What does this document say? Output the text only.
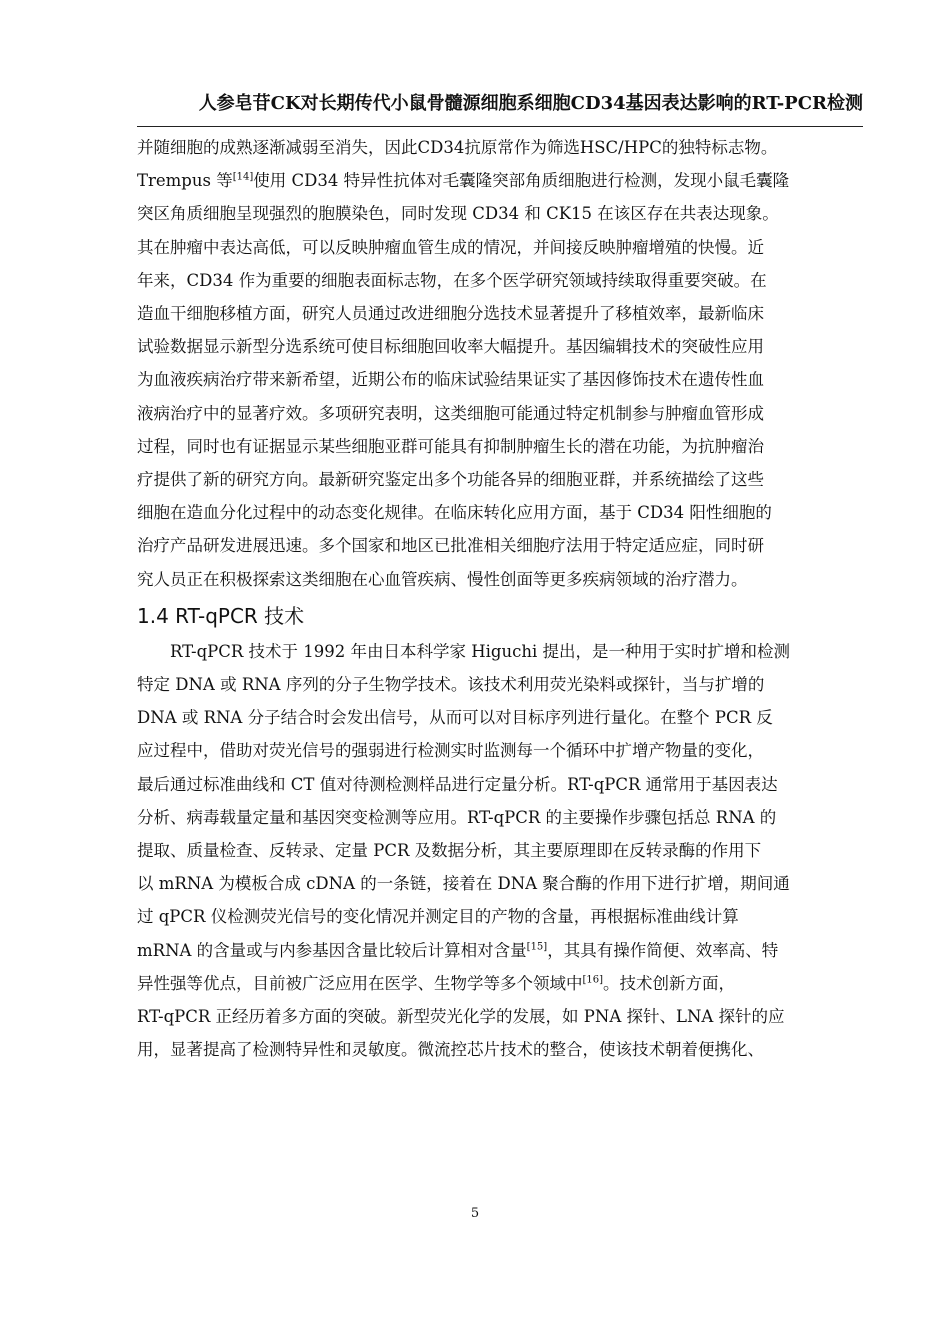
人参皂苷CK对长期传代小鼠骨髓源细胞系细胞CD34基因表达影响的RT-PCR检测

并随细胞的成熟逐渐减弱至消失，因此CD34抗原常作为筛选HSC/HPC的独特标志物。
Trempus 等[14]使用 CD34 特异性抗体对毛囊隆突部角质细胞进行检测，发现小鼠毛囊隆
突区角质细胞呈现强烈的胞膜染色，同时发现 CD34 和 CK15 在该区存在共表达现象。
其在肿瘤中表达高低，可以反映肿瘤血管生成的情况，并间接反映肿瘤增殖的快慢。近
年来，CD34 作为重要的细胞表面标志物，在多个医学研究领域持续取得重要突破。在
造血干细胞移植方面，研究人员通过改进细胞分选技术显著提升了移植效率，最新临床
试验数据显示新型分选系统可使目标细胞回收率大幅提升。基因编辑技术的突破性应用
为血液疾病治疗带来新希望，近期公布的临床试验结果证实了基因修饰技术在遗传性血
液病治疗中的显著疗效。多项研究表明，这类细胞可能通过特定机制参与肿瘤血管形成
过程，同时也有证据显示某些细胞亚群可能具有抑制肿瘤生长的潜在功能，为抗肿瘤治
疗提供了新的研究方向。最新研究鉴定出多个功能各异的细胞亚群，并系统描绘了这些
细胞在造血分化过程中的动态变化规律。在临床转化应用方面，基于 CD34 阳性细胞的
治疗产品研发进展迅速。多个国家和地区已批准相关细胞疗法用于特定适应症，同时研
究人员正在积极探索这类细胞在心血管疾病、慢性创面等更多疾病领域的治疗潜力。

1.4 RT-qPCR 技术

RT-qPCR 技术于 1992 年由日本科学家 Higuchi 提出，是一种用于实时扩增和检测
特定 DNA 或 RNA 序列的分子生物学技术。该技术利用荧光染料或探针，当与扩增的
DNA 或 RNA 分子结合时会发出信号，从而可以对目标序列进行量化。在整个 PCR 反
应过程中，借助对荧光信号的强弱进行检测实时监测每一个循环中扩增产物量的变化，
最后通过标准曲线和 CT 值对待测检测样品进行定量分析。RT-qPCR 通常用于基因表达
分析、病毒载量定量和基因突变检测等应用。RT-qPCR 的主要操作步骤包括总 RNA 的
提取、质量检查、反转录、定量 PCR 及数据分析，其主要原理即在反转录酶的作用下
以 mRNA 为模板合成 cDNA 的一条链，接着在 DNA 聚合酶的作用下进行扩增，期间通
过 qPCR 仪检测荧光信号的变化情况并测定目的产物的含量，再根据标准曲线计算
mRNA 的含量或与内参基因含量比较后计算相对含量[15]，其具有操作简便、效率高、特
异性强等优点，目前被广泛应用在医学、生物学等多个领域中[16]。技术创新方面，
RT-qPCR 正经历着多方面的突破。新型荧光化学的发展，如 PNA 探针、LNA 探针的应
用，显著提高了检测特异性和灵敏度。微流控芯片技术的整合，使该技术朝着便携化、

5
